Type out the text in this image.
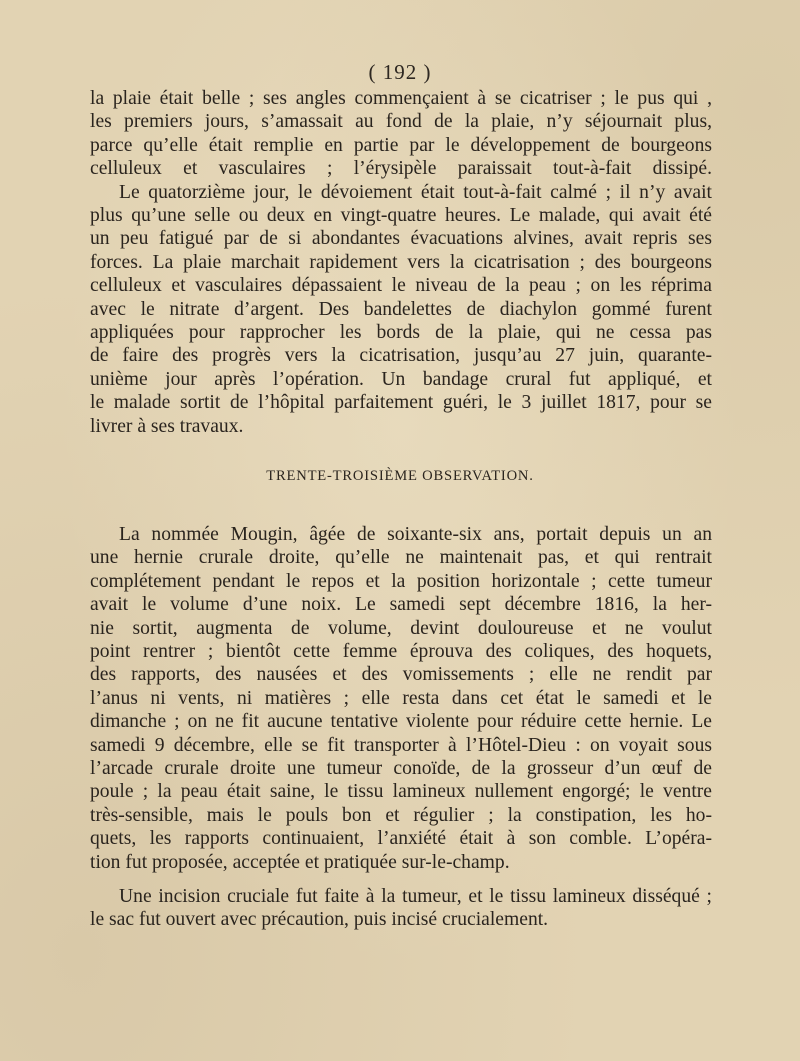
( 192 )

la plaie était belle ; ses angles commençaient à se cicatriser ; le pus qui ,
les premiers jours, s’amassait au fond de la plaie, n’y séjournait plus,
parce qu’elle était remplie en partie par le développement de bourgeons
celluleux et vasculaires ; l’érysipèle paraissait tout-à-fait dissipé.

Le quatorzième jour, le dévoiement était tout-à-fait calmé ; il n’y avait
plus qu’une selle ou deux en vingt-quatre heures. Le malade, qui avait été
un peu fatigué par de si abondantes évacuations alvines, avait repris ses
forces. La plaie marchait rapidement vers la cicatrisation ; des bourgeons
celluleux et vasculaires dépassaient le niveau de la peau ; on les réprima
avec le nitrate d’argent. Des bandelettes de diachylon gommé furent
appliquées pour rapprocher les bords de la plaie, qui ne cessa pas
de faire des progrès vers la cicatrisation, jusqu’au 27 juin, quarante-
unième jour après l’opération. Un bandage crural fut appliqué, et
le malade sortit de l’hôpital parfaitement guéri, le 3 juillet 1817, pour se
livrer à ses travaux.

TRENTE-TROISIÈME OBSERVATION.

La nommée Mougin, âgée de soixante-six ans, portait depuis un an
une hernie crurale droite, qu’elle ne maintenait pas, et qui rentrait
complétement pendant le repos et la position horizontale ; cette tumeur
avait le volume d’une noix. Le samedi sept décembre 1816, la her-
nie sortit, augmenta de volume, devint douloureuse et ne voulut
point rentrer ; bientôt cette femme éprouva des coliques, des hoquets,
des rapports, des nausées et des vomissements ; elle ne rendit par
l’anus ni vents, ni matières ; elle resta dans cet état le samedi et le
dimanche ; on ne fit aucune tentative violente pour réduire cette hernie. Le
samedi 9 décembre, elle se fit transporter à l’Hôtel-Dieu : on voyait sous
l’arcade crurale droite une tumeur conoïde, de la grosseur d’un œuf de
poule ; la peau était saine, le tissu lamineux nullement engorgé; le ventre
très-sensible, mais le pouls bon et régulier ; la constipation, les ho-
quets, les rapports continuaient, l’anxiété était à son comble. L’opéra-
tion fut proposée, acceptée et pratiquée sur-le-champ.

Une incision cruciale fut faite à la tumeur, et le tissu lamineux disséqué ;
le sac fut ouvert avec précaution, puis incisé crucialement.
